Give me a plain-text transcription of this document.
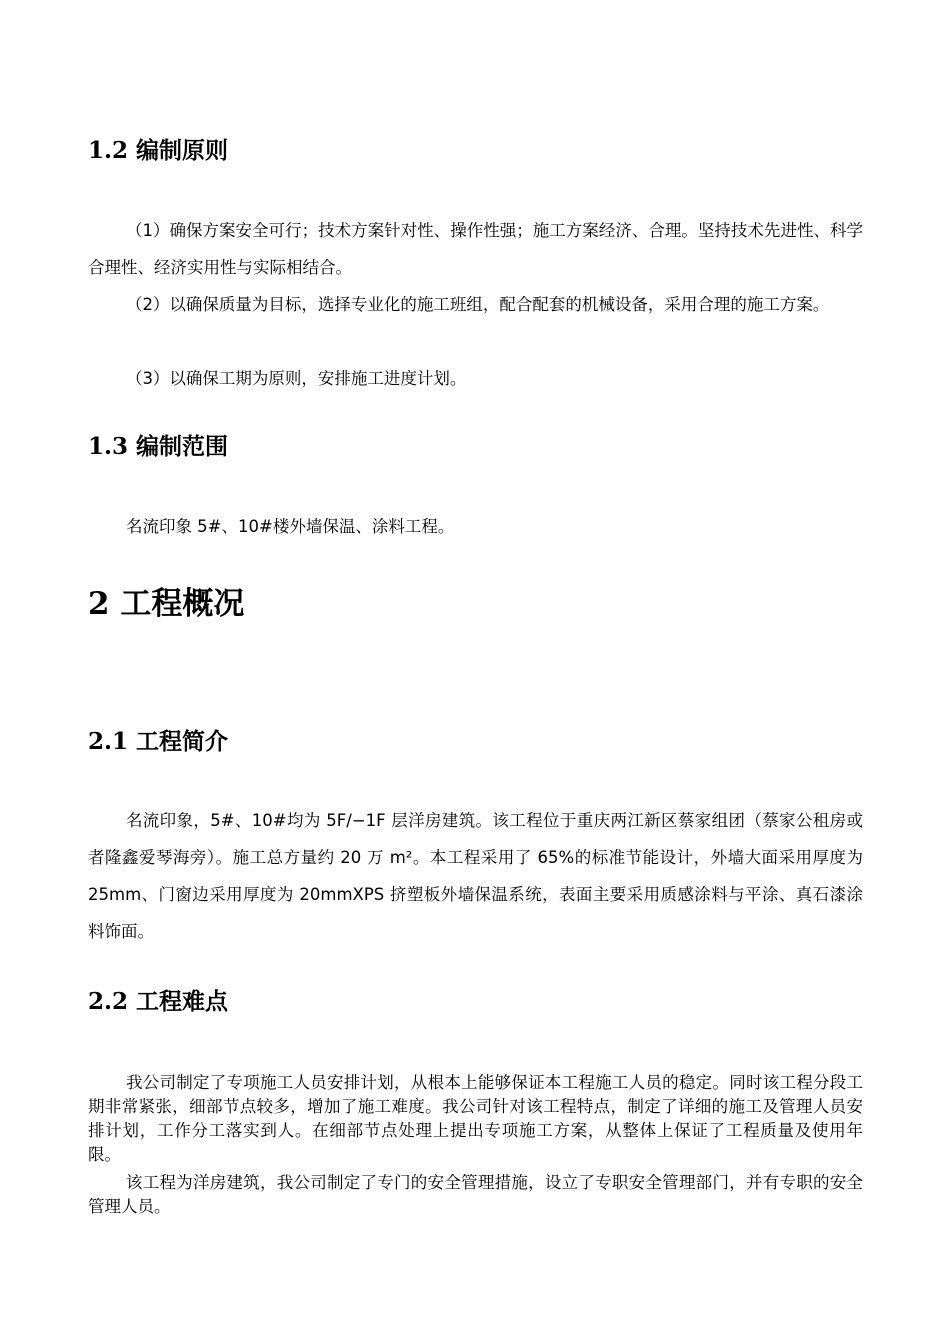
1.2 编制原则

（1）确保方案安全可行；技术方案针对性、操作性强；施工方案经济、合理。坚持技术先进性、科学合理性、经济实用性与实际相结合。

（2）以确保质量为目标，选择专业化的施工班组，配合配套的机械设备，采用合理的施工方案。

（3）以确保工期为原则，安排施工进度计划。

1.3 编制范围

名流印象 5#、10#楼外墙保温、涂料工程。

2 工程概况
2.1 工程简介

名流印象，5#、10#均为 5F/−1F 层洋房建筑。该工程位于重庆两江新区蔡家组团（蔡家公租房或者隆鑫爱琴海旁）。施工总方量约 20 万 m²。本工程采用了 65%的标准节能设计，外墙大面采用厚度为 25mm、门窗边采用厚度为 20mmXPS 挤塑板外墙保温系统，表面主要采用质感涂料与平涂、真石漆涂料饰面。

2.2 工程难点

我公司制定了专项施工人员安排计划，从根本上能够保证本工程施工人员的稳定。同时该工程分段工期非常紧张，细部节点较多，增加了施工难度。我公司针对该工程特点，制定了详细的施工及管理人员安排计划，工作分工落实到人。在细部节点处理上提出专项施工方案，从整体上保证了工程质量及使用年限。

该工程为洋房建筑，我公司制定了专门的安全管理措施，设立了专职安全管理部门，并有专职的安全管理人员。
